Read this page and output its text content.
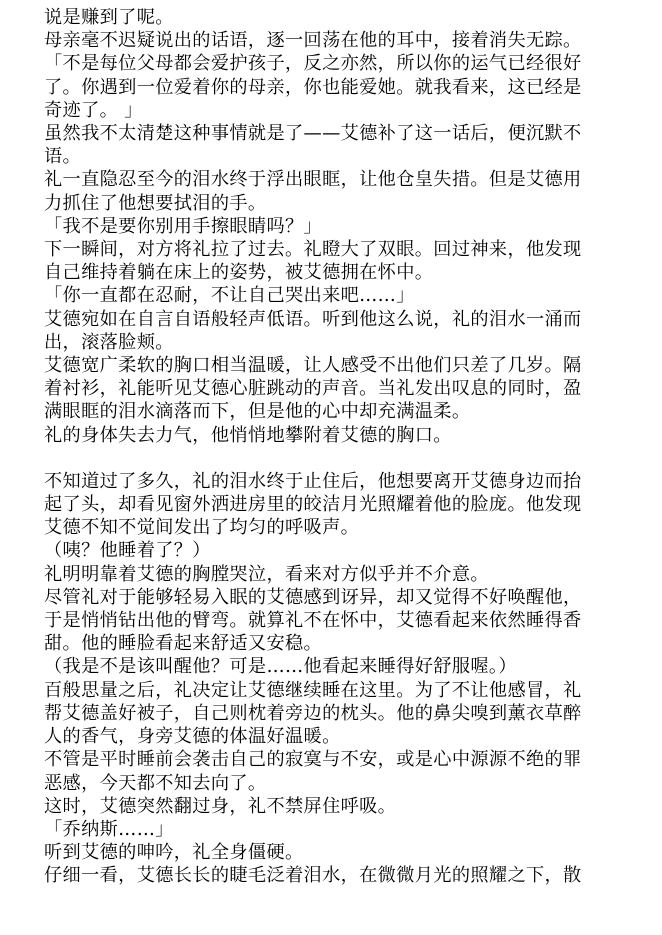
说是赚到了呢。

母亲毫不迟疑说出的话语，逐一回荡在他的耳中，接着消失无踪。

「不是每位父母都会爱护孩子，反之亦然，所以你的运气已经很好

了。你遇到一位爱着你的母亲，你也能爱她。就我看来，这已经是

奇迹了。 」

虽然我不太清楚这种事情就是了——艾德补了这一话后，便沉默不

语。

礼一直隐忍至今的泪水终于浮出眼眶，让他仓皇失措。但是艾德用

力抓住了他想要拭泪的手。

「我不是要你别用手擦眼睛吗？」

下一瞬间，对方将礼拉了过去。礼瞪大了双眼。回过神来，他发现

自己维持着躺在床上的姿势，被艾德拥在怀中。

「你一直都在忍耐，不让自己哭出来吧……」

艾德宛如在自言自语般轻声低语。听到他这么说，礼的泪水一涌而

出，滚落脸颊。

艾德宽广柔软的胸口相当温暖，让人感受不出他们只差了几岁。隔

着衬衫，礼能听见艾德心脏跳动的声音。当礼发出叹息的同时，盈

满眼眶的泪水滴落而下，但是他的心中却充满温柔。

礼的身体失去力气，他悄悄地攀附着艾德的胸口。

不知道过了多久，礼的泪水终于止住后，他想要离开艾德身边而抬

起了头，却看见窗外洒进房里的皎洁月光照耀着他的脸庞。他发现

艾德不知不觉间发出了均匀的呼吸声。

（咦？他睡着了？）

礼明明靠着艾德的胸膛哭泣，看来对方似乎并不介意。

尽管礼对于能够轻易入眠的艾德感到讶异，却又觉得不好唤醒他，

于是悄悄钻出他的臂弯。就算礼不在怀中，艾德看起来依然睡得香

甜。他的睡脸看起来舒适又安稳。

（我是不是该叫醒他？可是……他看起来睡得好舒服喔。）

百般思量之后，礼决定让艾德继续睡在这里。为了不让他感冒，礼

帮艾德盖好被子，自己则枕着旁边的枕头。他的鼻尖嗅到薰衣草醉

人的香气，身旁艾德的体温好温暖。

不管是平时睡前会袭击自己的寂寞与不安，或是心中源源不绝的罪

恶感，今天都不知去向了。

这时，艾德突然翻过身，礼不禁屏住呼吸。

「乔纳斯……」

听到艾德的呻吟，礼全身僵硬。

仔细一看，艾德长长的睫毛泛着泪水，在微微月光的照耀之下，散
